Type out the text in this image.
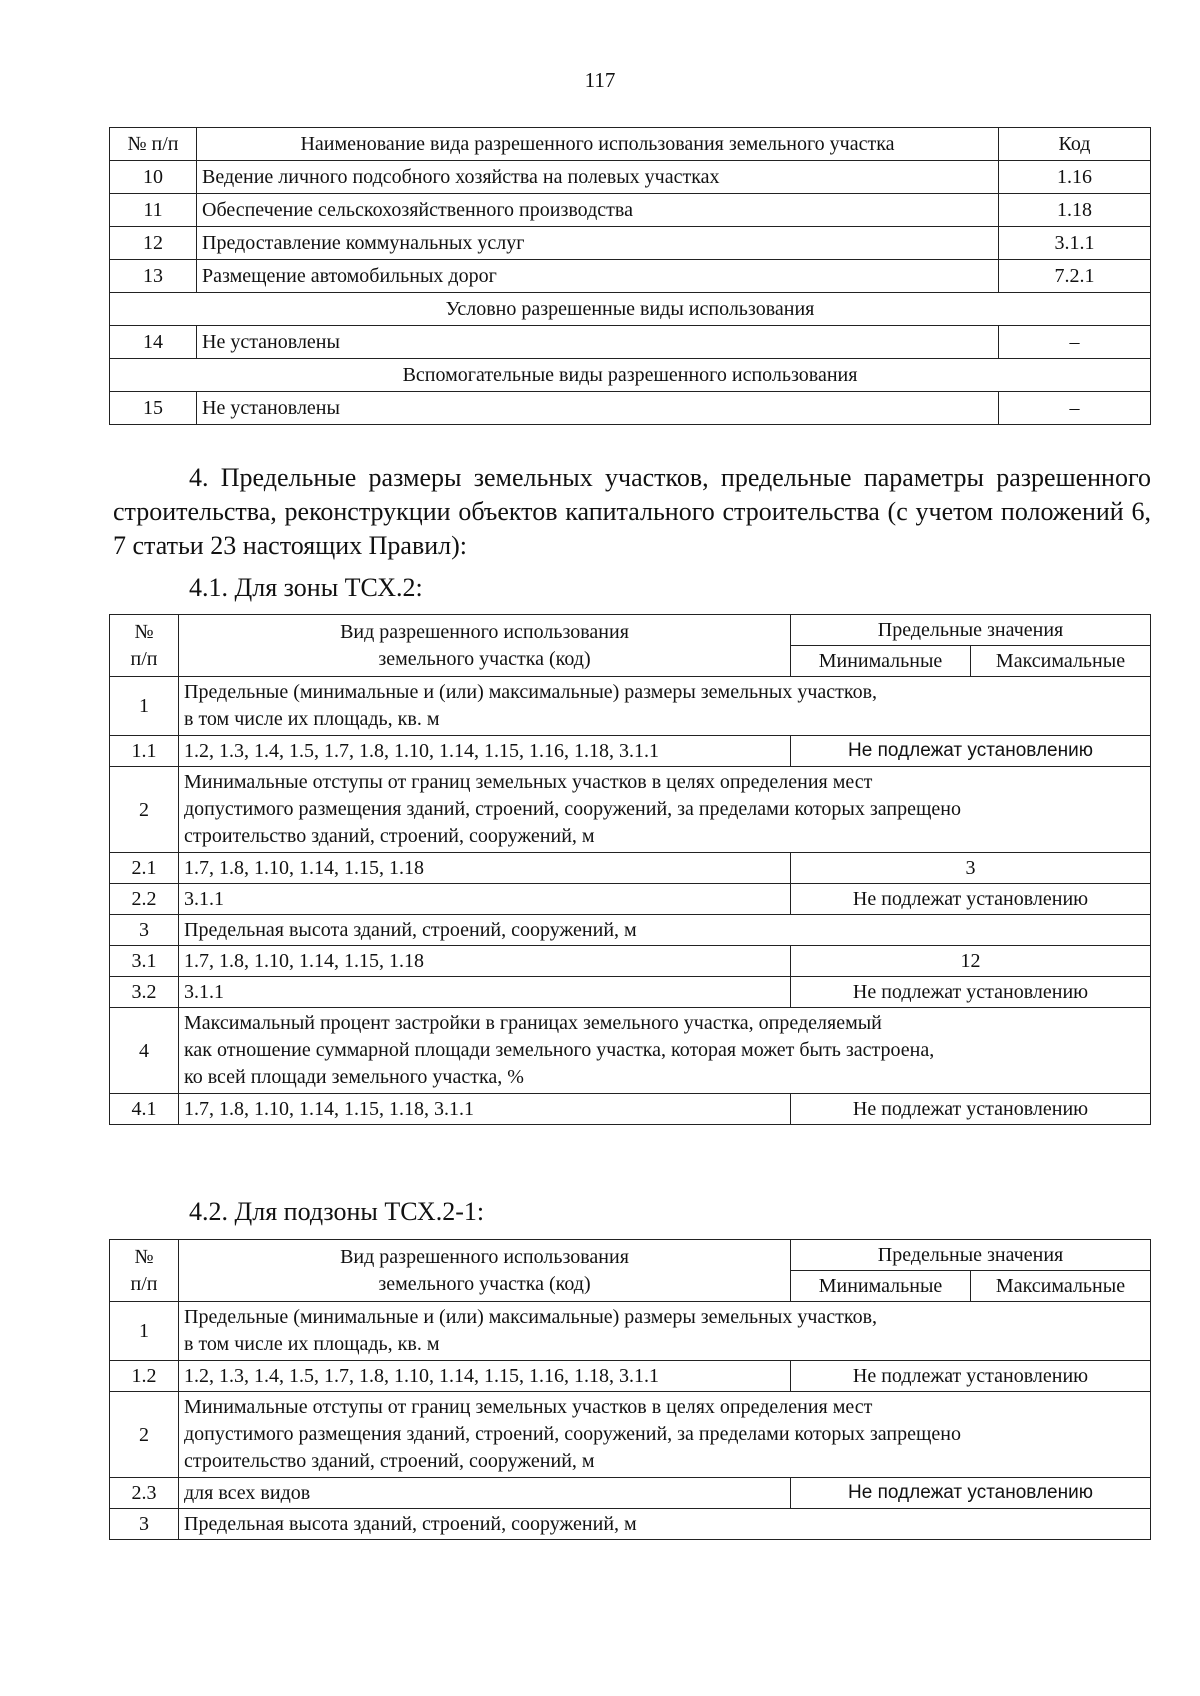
117
№ п/п	Наименование вида разрешенного использования земельного участка	Код
10	Ведение личного подсобного хозяйства на полевых участках	1.16
11	Обеспечение сельскохозяйственного производства	1.18
12	Предоставление коммунальных услуг	3.1.1
13	Размещение автомобильных дорог	7.2.1
Условно разрешенные виды использования		
14	Не установлены	–
Вспомогательные виды разрешенного использования		
15	Не установлены	–
4. Предельные размеры земельных участков, предельные параметры разрешенного строительства, реконструкции объектов капитального строительства (с учетом положений 6, 7 статьи 23 настоящих Правил):
4.1. Для зоны ТСХ.2:
№
п/п	Вид разрешенного использования
земельного участка (код)	Предельные значения	
		Минимальные	Максимальные
1	Предельные (минимальные и (или) максимальные) размеры земельных участков,
в том числе их площадь, кв. м		
1.1	1.2, 1.3, 1.4, 1.5, 1.7, 1.8, 1.10, 1.14, 1.15, 1.16, 1.18, 3.1.1	Не подлежат установлению	
2	Минимальные отступы от границ земельных участков в целях определения мест
допустимого размещения зданий, строений, сооружений, за пределами которых запрещено
строительство зданий, строений, сооружений, м		
2.1	1.7, 1.8, 1.10, 1.14, 1.15, 1.18	3	
2.2	3.1.1	Не подлежат установлению	
3	Предельная высота зданий, строений, сооружений, м		
3.1	1.7, 1.8, 1.10, 1.14, 1.15, 1.18	12	
3.2	3.1.1	Не подлежат установлению	
4	Максимальный процент застройки в границах земельного участка, определяемый
как отношение суммарной площади земельного участка, которая может быть застроена,
ко всей площади земельного участка, %		
4.1	1.7, 1.8, 1.10, 1.14, 1.15, 1.18, 3.1.1	Не подлежат установлению	
4.2. Для подзоны ТСХ.2-1:
№
п/п	Вид разрешенного использования
земельного участка (код)	Предельные значения	
		Минимальные	Максимальные
1	Предельные (минимальные и (или) максимальные) размеры земельных участков,
в том числе их площадь, кв. м		
1.2	1.2, 1.3, 1.4, 1.5, 1.7, 1.8, 1.10, 1.14, 1.15, 1.16, 1.18, 3.1.1	Не подлежат установлению	
2	Минимальные отступы от границ земельных участков в целях определения мест
допустимого размещения зданий, строений, сооружений, за пределами которых запрещено
строительство зданий, строений, сооружений, м		
2.3	для всех видов	Не подлежат установлению	
3	Предельная высота зданий, строений, сооружений, м		
